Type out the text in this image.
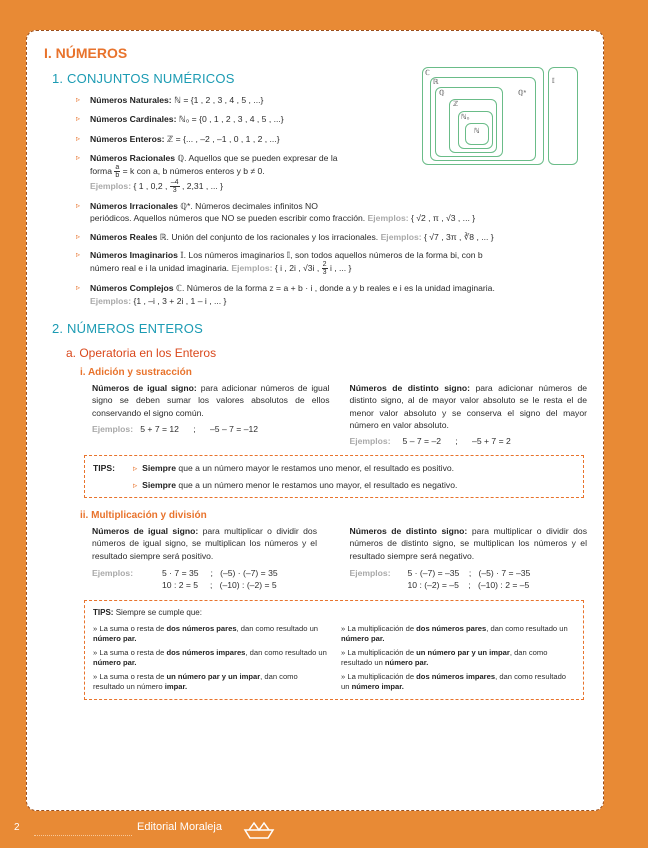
I. NÚMEROS
1. CONJUNTOS NUMÉRICOS	ℂ
ℝ
ℚ
ℤ
ℕ₀
ℕ
ℚ*
𝕀
▹ Números Naturales: ℕ = {1 , 2 , 3 , 4 , 5 , ...}
▹ Números Cardinales: ℕ₀ = {0 , 1 , 2 , 3 , 4 , 5 , ...}
▹ Números Enteros: ℤ = {... , –2 , –1 , 0 , 1 , 2 , ...}
▹ Números Racionales ℚ. Aquellos que se pueden expresar de la
forma $\frac{a}{b} = k$ con a, b números enteros y b ≠ 0.
Ejemplos: { 1 , 0,2 , $\frac{-4}{3}$ , 2,31 , ... }
▹ Números Irracionales ℚ*. Números decimales infinitos NO
periódicos. Aquellos números que NO se pueden escribir como fracción. Ejemplos: { √2 , π , √3 , ... }
▹ Números Reales ℝ. Unión del conjunto de los racionales y los irracionales. Ejemplos: { √7 , 3π , ∛8 , ... }
▹ Números Imaginarios 𝕀. Los números imaginarios 𝕀, son todos aquellos números de la forma bi, con b
número real e i la unidad imaginaria. Ejemplos: { i , 2i , √3i , $\frac{2}{3}$ i , ... }
▹ Números Complejos ℂ. Números de la forma z = a + b · i , donde a y b reales e i es la unidad imaginaria.
Ejemplos: {1 , –i , 3 + 2i , 1 – i , ... }
2. NÚMEROS ENTEROS
a. Operatoria en los Enteros
i. Adición y sustracción
Números de igual signo: para adicionar números de igual signo se deben sumar los valores absolutos de ellos conservando el signo común.
Ejemplos: 5 + 7 = 12 ; –5 – 7 = –12
Números de distinto signo: para adicionar números de distinto signo, al de mayor valor absoluto se le resta el de menor valor absoluto y se conserva el signo del mayor número en valor absoluto.
Ejemplos: 5 – 7 = –2 ; –5 + 7 = 2
TIPS:	▹ Siempre que a un número mayor le restamos uno menor, el resultado es positivo.
▹ Siempre que a un número menor le restamos uno mayor, el resultado es negativo.
ii. Multiplicación y división
Números de igual signo: para multiplicar o dividir dos números de igual signo, se multiplican los números y el resultado siempre será positivo.
Ejemplos:	5 · 7 = 35 ; (–5) · (–7) = 35
10 : 2 = 5 ; (–10) : (–2) = 5
Números de distinto signo: para multiplicar o dividir dos números de distinto signo, se multiplican los números y el resultado siempre será negativo.
Ejemplos:	5 · (–7) = –35 ; (–5) · 7 = –35
10 : (–2) = –5 ; (–10) : 2 = –5
TIPS: Siempre se cumple que:
» La suma o resta de dos números pares, dan como resultado un número par.
» La suma o resta de dos números impares, dan como resultado un número par.
» La suma o resta de un número par y un impar, dan como resultado un número impar.
» La multiplicación de dos números pares, dan como resultado un número par.
» La multiplicación de un número par y un impar, dan como resultado un número par.
» La multiplicación de dos números impares, dan como resultado un número impar.
2	Editorial Moraleja
